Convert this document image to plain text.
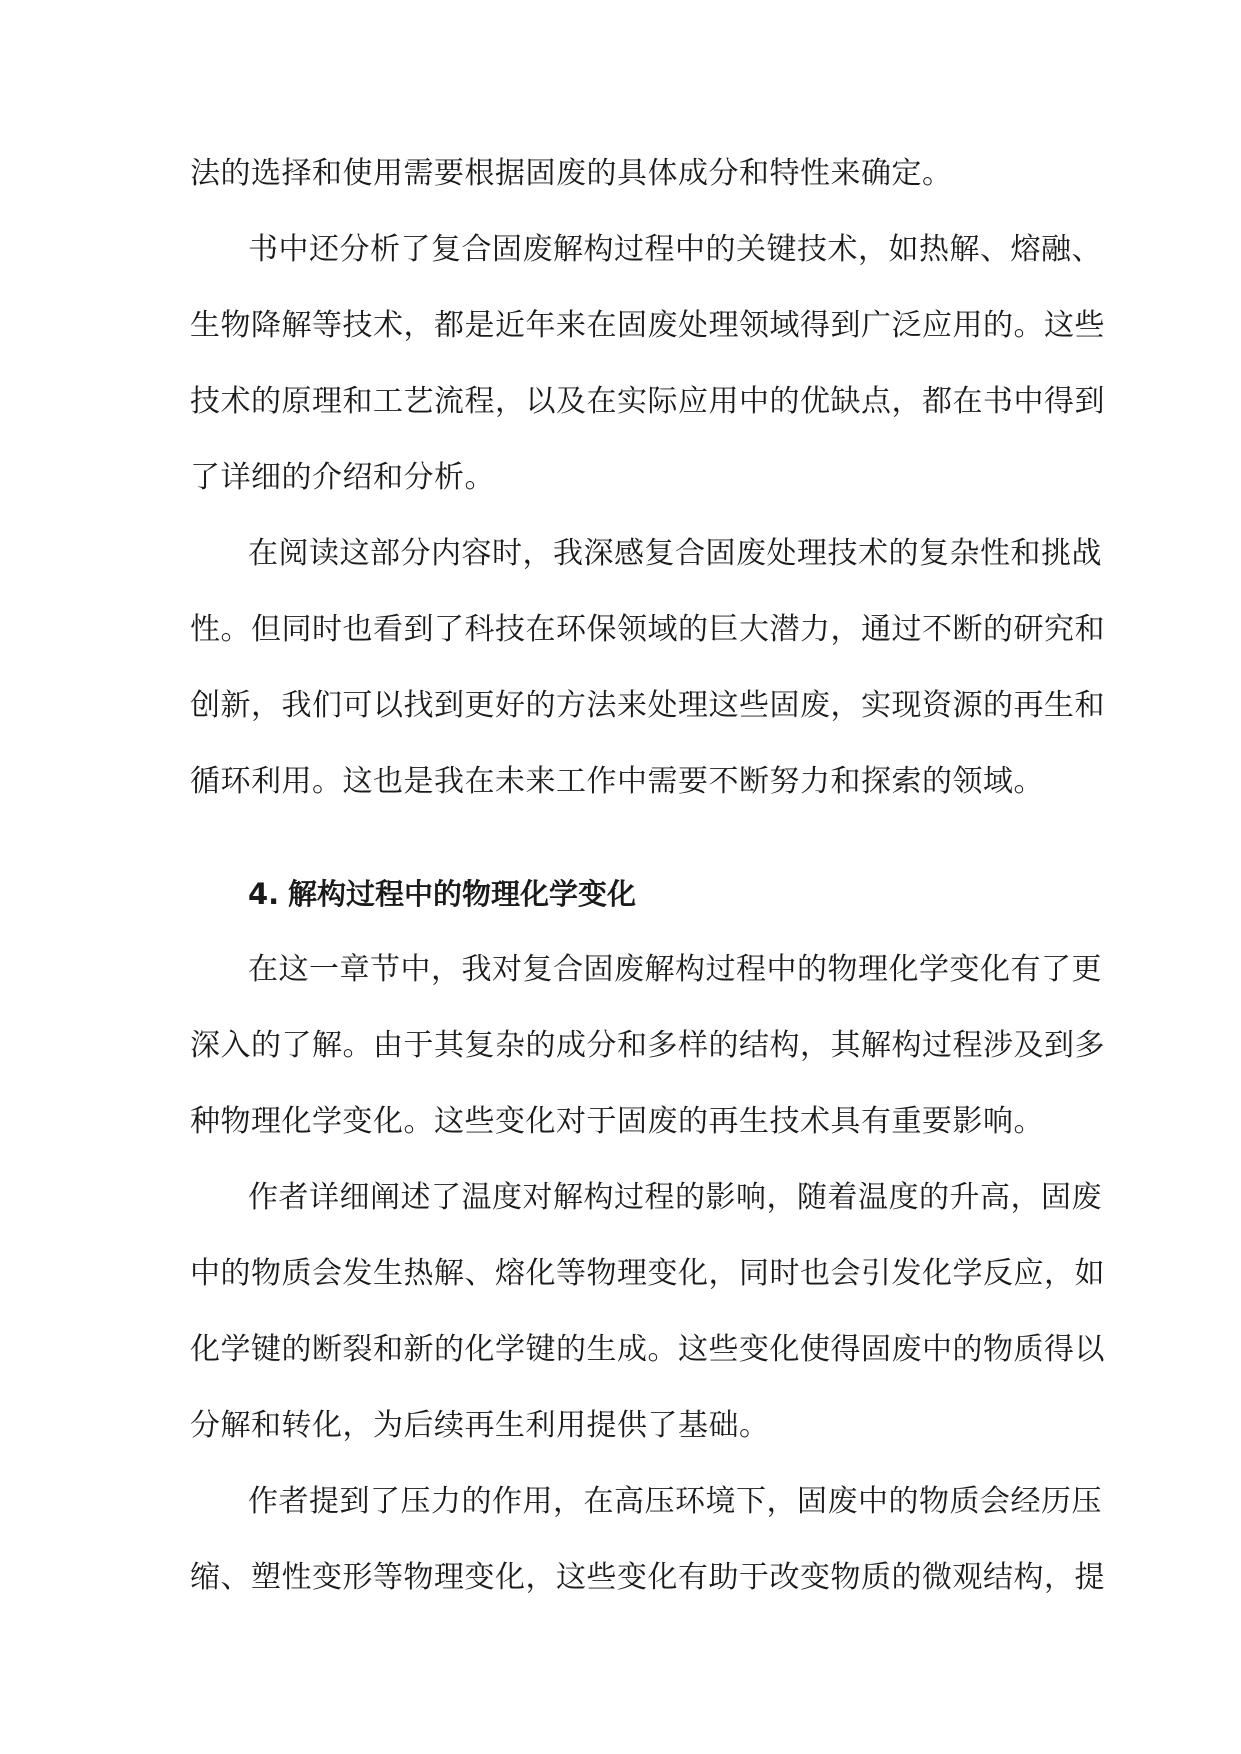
法的选择和使用需要根据固废的具体成分和特性来确定。
书中还分析了复合固废解构过程中的关键技术，如热解、熔融、
生物降解等技术，都是近年来在固废处理领域得到广泛应用的。这些
技术的原理和工艺流程，以及在实际应用中的优缺点，都在书中得到
了详细的介绍和分析。
在阅读这部分内容时，我深感复合固废处理技术的复杂性和挑战
性。但同时也看到了科技在环保领域的巨大潜力，通过不断的研究和
创新，我们可以找到更好的方法来处理这些固废，实现资源的再生和
循环利用。这也是我在未来工作中需要不断努力和探索的领域。
4. 解构过程中的物理化学变化
在这一章节中，我对复合固废解构过程中的物理化学变化有了更
深入的了解。由于其复杂的成分和多样的结构，其解构过程涉及到多
种物理化学变化。这些变化对于固废的再生技术具有重要影响。
作者详细阐述了温度对解构过程的影响，随着温度的升高，固废
中的物质会发生热解、熔化等物理变化，同时也会引发化学反应，如
化学键的断裂和新的化学键的生成。这些变化使得固废中的物质得以
分解和转化，为后续再生利用提供了基础。
作者提到了压力的作用，在高压环境下，固废中的物质会经历压
缩、塑性变形等物理变化，这些变化有助于改变物质的微观结构，提
